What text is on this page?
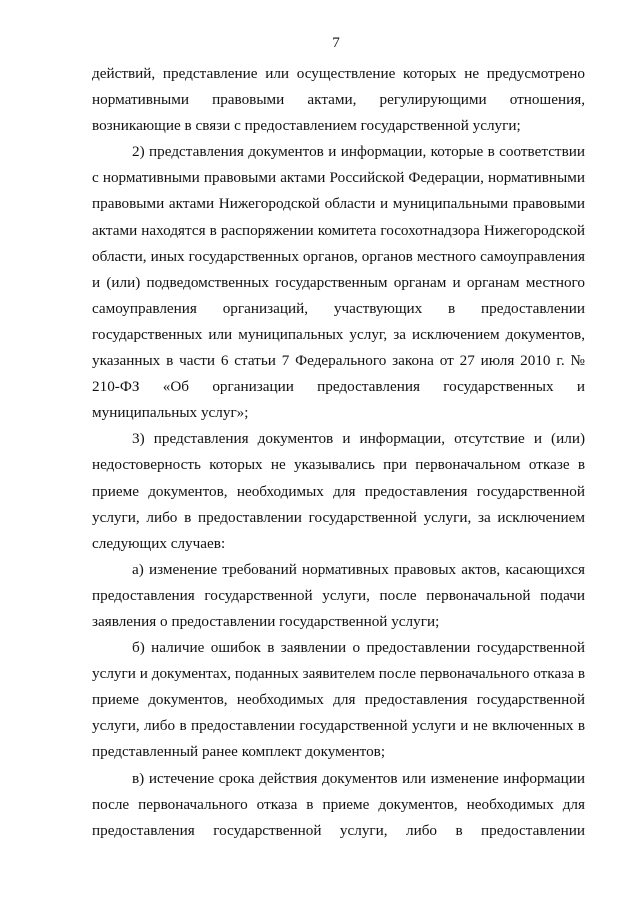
7

действий, представление или осуществление которых не предусмотрено нормативными правовыми актами, регулирующими отношения, возникающие в связи с предоставлением государственной услуги;

2) представления документов и информации, которые в соответствии с нормативными правовыми актами Российской Федерации, нормативными правовыми актами Нижегородской области и муниципальными правовыми актами находятся в распоряжении комитета госохотнадзора Нижегородской области, иных государственных органов, органов местного самоуправления и (или) подведомственных государственным органам и органам местного самоуправления организаций, участвующих в предоставлении государственных или муниципальных услуг, за исключением документов, указанных в части 6 статьи 7 Федерального закона от 27 июля 2010 г. № 210-ФЗ «Об организации предоставления государственных и муниципальных услуг»;

3) представления документов и информации, отсутствие и (или) недостоверность которых не указывались при первоначальном отказе в приеме документов, необходимых для предоставления государственной услуги, либо в предоставлении государственной услуги, за исключением следующих случаев:

а) изменение требований нормативных правовых актов, касающихся предоставления государственной услуги, после первоначальной подачи заявления о предоставлении государственной услуги;

б) наличие ошибок в заявлении о предоставлении государственной услуги и документах, поданных заявителем после первоначального отказа в приеме документов, необходимых для предоставления государственной услуги, либо в предоставлении государственной услуги и не включенных в представленный ранее комплект документов;

в) истечение срока действия документов или изменение информации после первоначального отказа в приеме документов, необходимых для предоставления государственной услуги, либо в предоставлении
